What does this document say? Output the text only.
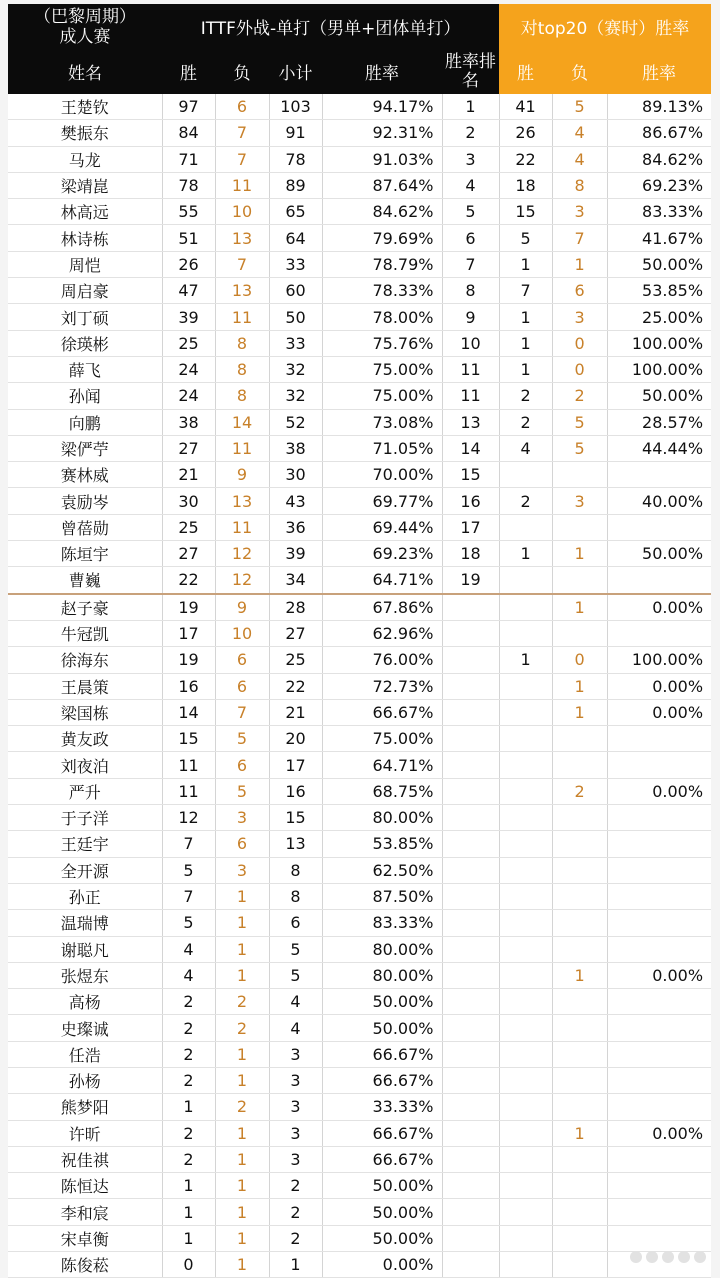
（巴黎周期）
成人赛	ITTF外战-单打（男单+团体单打）					对top20（赛时）胜率		
姓名	胜	负	小计	胜率	胜率排名	胜	负	胜率
王楚钦	97	6	103	94.17%	1	41	5	89.13%
樊振东	84	7	91	92.31%	2	26	4	86.67%
马龙	71	7	78	91.03%	3	22	4	84.62%
梁靖崑	78	11	89	87.64%	4	18	8	69.23%
林高远	55	10	65	84.62%	5	15	3	83.33%
林诗栋	51	13	64	79.69%	6	5	7	41.67%
周恺	26	7	33	78.79%	7	1	1	50.00%
周启豪	47	13	60	78.33%	8	7	6	53.85%
刘丁硕	39	11	50	78.00%	9	1	3	25.00%
徐瑛彬	25	8	33	75.76%	10	1	0	100.00%
薛飞	24	8	32	75.00%	11	1	0	100.00%
孙闻	24	8	32	75.00%	11	2	2	50.00%
向鹏	38	14	52	73.08%	13	2	5	28.57%
梁俨苧	27	11	38	71.05%	14	4	5	44.44%
赛林威	21	9	30	70.00%	15			
袁励岑	30	13	43	69.77%	16	2	3	40.00%
曾蓓勋	25	11	36	69.44%	17			
陈垣宇	27	12	39	69.23%	18	1	1	50.00%
曹巍	22	12	34	64.71%	19			
赵子豪	19	9	28	67.86%			1	0.00%
牛冠凯	17	10	27	62.96%				
徐海东	19	6	25	76.00%		1	0	100.00%
王晨策	16	6	22	72.73%			1	0.00%
梁国栋	14	7	21	66.67%			1	0.00%
黄友政	15	5	20	75.00%				
刘夜泊	11	6	17	64.71%				
严升	11	5	16	68.75%			2	0.00%
于子洋	12	3	15	80.00%				
王廷宇	7	6	13	53.85%				
全开源	5	3	8	62.50%				
孙正	7	1	8	87.50%				
温瑞博	5	1	6	83.33%				
谢聪凡	4	1	5	80.00%				
张煜东	4	1	5	80.00%			1	0.00%
高杨	2	2	4	50.00%				
史璨诚	2	2	4	50.00%				
任浩	2	1	3	66.67%				
孙杨	2	1	3	66.67%				
熊梦阳	1	2	3	33.33%				
许昕	2	1	3	66.67%			1	0.00%
祝佳祺	2	1	3	66.67%				
陈恒达	1	1	2	50.00%				
李和宸	1	1	2	50.00%				
宋卓衡	1	1	2	50.00%				
陈俊菘	0	1	1	0.00%				
